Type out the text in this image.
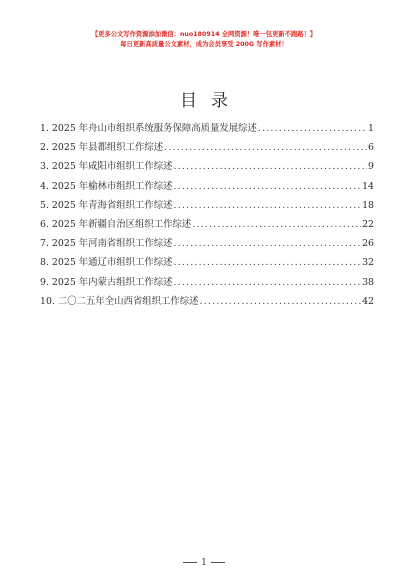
【更多公文写作资源添加微信：nuo180914 全网资源！唯一包更新不跑路！】
每日更新高质量公文素材，成为会员享受 200G 写作素材！
目录
1. 2025 年舟山市组织系统服务保障高质量发展综述 .....	1
2. 2025 年县都组织工作综述 .....	6
3. 2025 年咸阳市组织工作综述 .....	9
4. 2025 年榆林市组织工作综述 .....	14
5. 2025 年青海省组织工作综述 .....	18
6. 2025 年新疆自治区组织工作综述 .....	22
7. 2025 年河南省组织工作综述 .....	26
8. 2025 年通辽市组织工作综述 .....	32
9. 2025 年内蒙古组织工作综述 .....	38
10. 二〇二五年全山西省组织工作综述 .....	42
1
